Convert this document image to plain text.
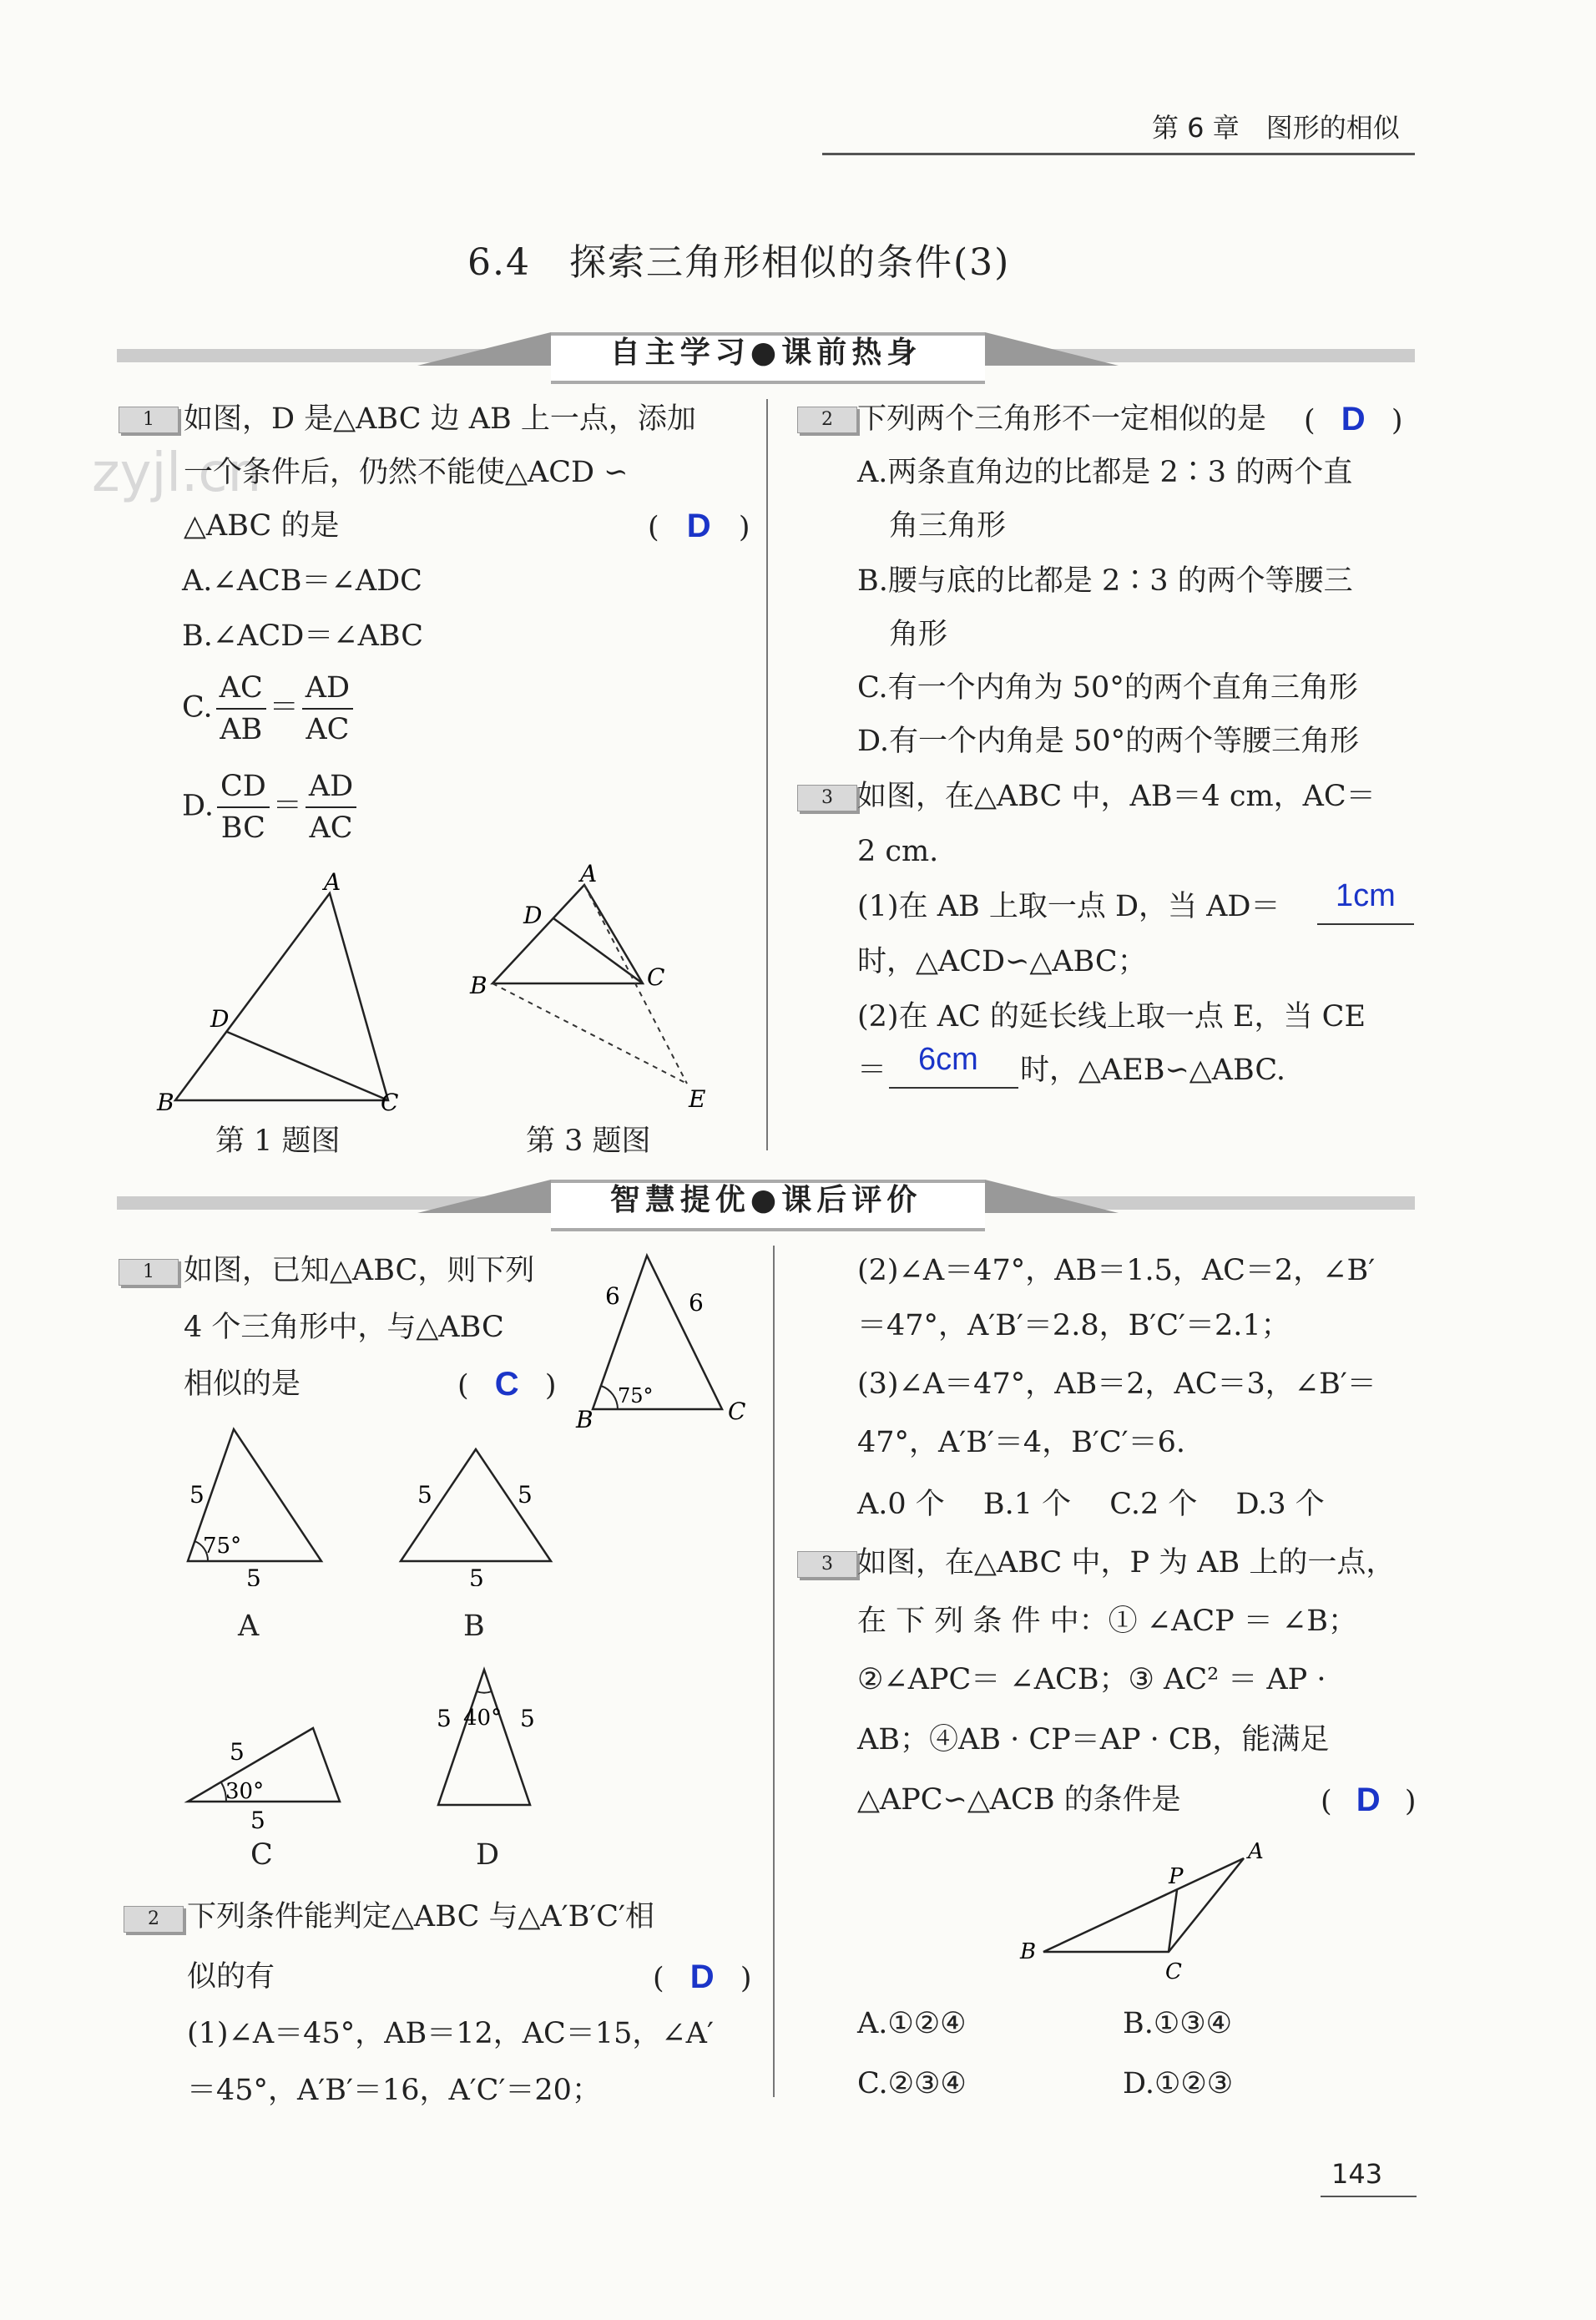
第 6 章　图形的相似
zyjl.cn
6.4　探索三角形相似的条件(3)
自主学习●课前热身
1	如图，D 是△ABC 边 AB 上一点，添加
一个条件后，仍然不能使△ACD ∽
△ABC 的是	( D )
A.∠ACB＝∠ADC
B.∠ACD＝∠ABC
C. $\frac{AC}{AB} = \frac{AD}{AC}$
D. $\frac{CD}{BC} = \frac{AD}{AC}$
A
D
B	C
第 1 题图
A
D
B	C
E
第 3 题图
2 下列两个三角形不一定相似的是 ( D )
A.两条直角边的比都是 2∶3 的两个直
角三角形
B.腰与底的比都是 2∶3 的两个等腰三
角形
C.有一个内角为 50°的两个直角三角形
D.有一个内角是 50°的两个等腰三角形
3 如图，在△ABC 中，AB＝4 cm，AC＝
2 cm.
(1)在 AB 上取一点 D，当 AD＝ 1cm
时，△ACD∽△ABC；
(2)在 AC 的延长线上取一点 E，当 CE
＝ 6cm 时，△AEB∽△ABC.
智慧提优●课后评价
1	如图，已知△ABC，则下列
4 个三角形中，与△ABC
相似的是	( C )
6	6
75°
B	C
5
75°
5
A
5	5
5
B
5
30°
5
C
5 40° 5
D
2 下列条件能判定△ABC 与△A′B′C′相
似的有	( D )
(1)∠A＝45°，AB＝12，AC＝15，∠A′
＝45°，A′B′＝16，A′C′＝20；
(2)∠A＝47°，AB＝1.5，AC＝2，∠B′
＝47°，A′B′＝2.8，B′C′＝2.1；
(3)∠A＝47°，AB＝2，AC＝3，∠B′＝
47°，A′B′＝4，B′C′＝6.
A.0 个　 B.1 个　 C.2 个　 D.3 个
3 如图，在△ABC 中，P 为 AB 上的一点，
在 下 列 条 件 中：① ∠ACP ＝ ∠B；
②∠APC＝ ∠ACB；③ AC² ＝ AP ·
AB；④AB · CP＝AP · CB，能满足
△APC∽△ACB 的条件是	( D )
P
A
B
C
A.①②④	B.①③④
C.②③④	D.①②③
143
